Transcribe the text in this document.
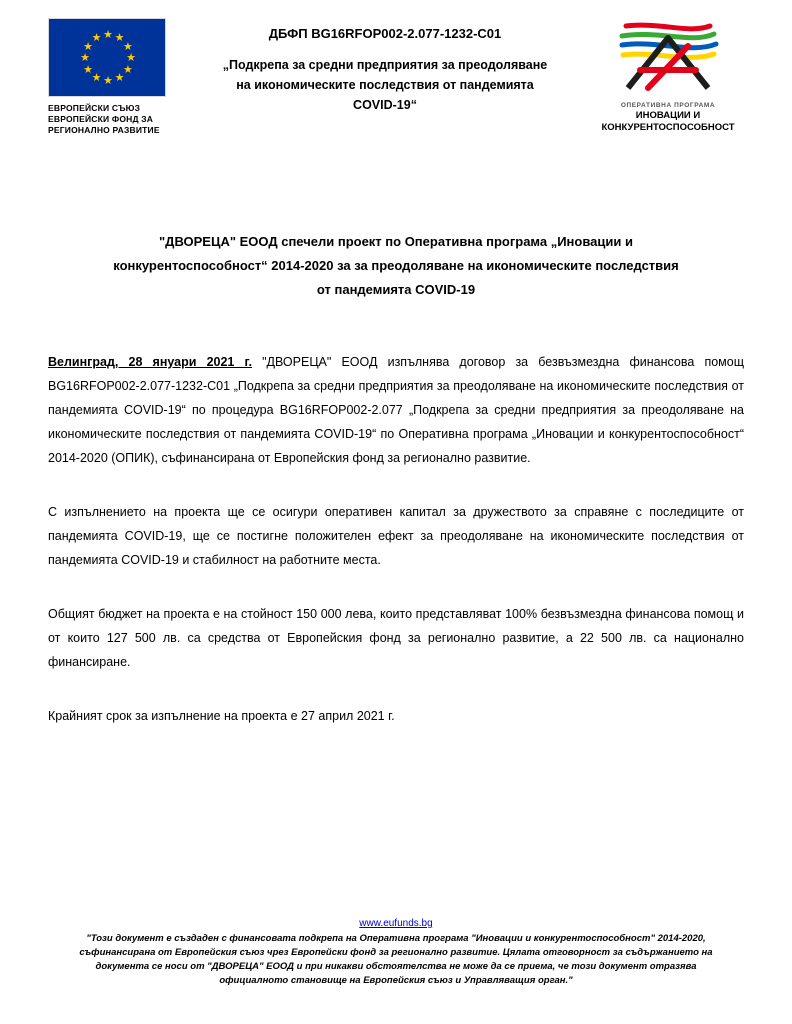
★ ★
★
★
★
★
★
★
★
★
★
★
ЕВРОПЕЙСКИ СЪЮЗ
ЕВРОПЕЙСКИ ФОНД ЗА
РЕГИОНАЛНО РАЗВИТИЕ
ДБФП BG16RFOP002-2.077-1232-C01
„Подкрепа за средни предприятия за преодоляване
на икономическите последствия от пандемията
COVID-19“	ОПЕРАТИВНА ПРОГРАМА
ИНОВАЦИИ И
КОНКУРЕНТОСПОСОБНОСТ
"ДВОРЕЦА" ЕООД спечели проект по Оперативна програма „Иновации и
конкурентоспособност“ 2014-2020 за за преодоляване на икономическите последствия
от пандемията COVID-19

Велинград, 28 януари 2021 г. "ДВОРЕЦА" ЕООД изпълнява договор за безвъзмездна финансова помощ BG16RFOP002-2.077-1232-C01 „Подкрепа за средни предприятия за преодоляване на икономическите последствия от пандемията COVID-19“ по процедура BG16RFOP002-2.077 „Подкрепа за средни предприятия за преодоляване на икономическите последствия от пандемията COVID-19“ по Оперативна програма „Иновации и конкурентоспособност“ 2014-2020 (ОПИК), съфинансирана от Европейския фонд за регионално развитие.

С изпълнението на проекта ще се осигури оперативен капитал за дружеството за справяне с последиците от пандемията COVID-19, ще се постигне положителен ефект за преодоляване на икономическите последствия от пандемията COVID-19 и стабилност на работните места.

Общият бюджет на проекта е на стойност 150 000 лева, които представляват 100% безвъзмездна финансова помощ и от които 127 500 лв. са средства от Европейския фонд за регионално развитие, а 22 500 лв. са национално финансиране.

Крайният срок за изпълнение на проекта е 27 април 2021 г.

www.eufunds.bg
"Този документ е създаден с финансовата подкрепа на Оперативна програма "Иновации и конкурентоспособност" 2014-2020, съфинансирана от Европейския съюз чрез Европейски фонд за регионално развитие. Цялата отговорност за съдържанието на документа се носи от "ДВОРЕЦА" ЕООД и при никакви обстоятелства не може да се приема, че този документ отразява официалното становище на Европейския съюз и Управляващия орган."
